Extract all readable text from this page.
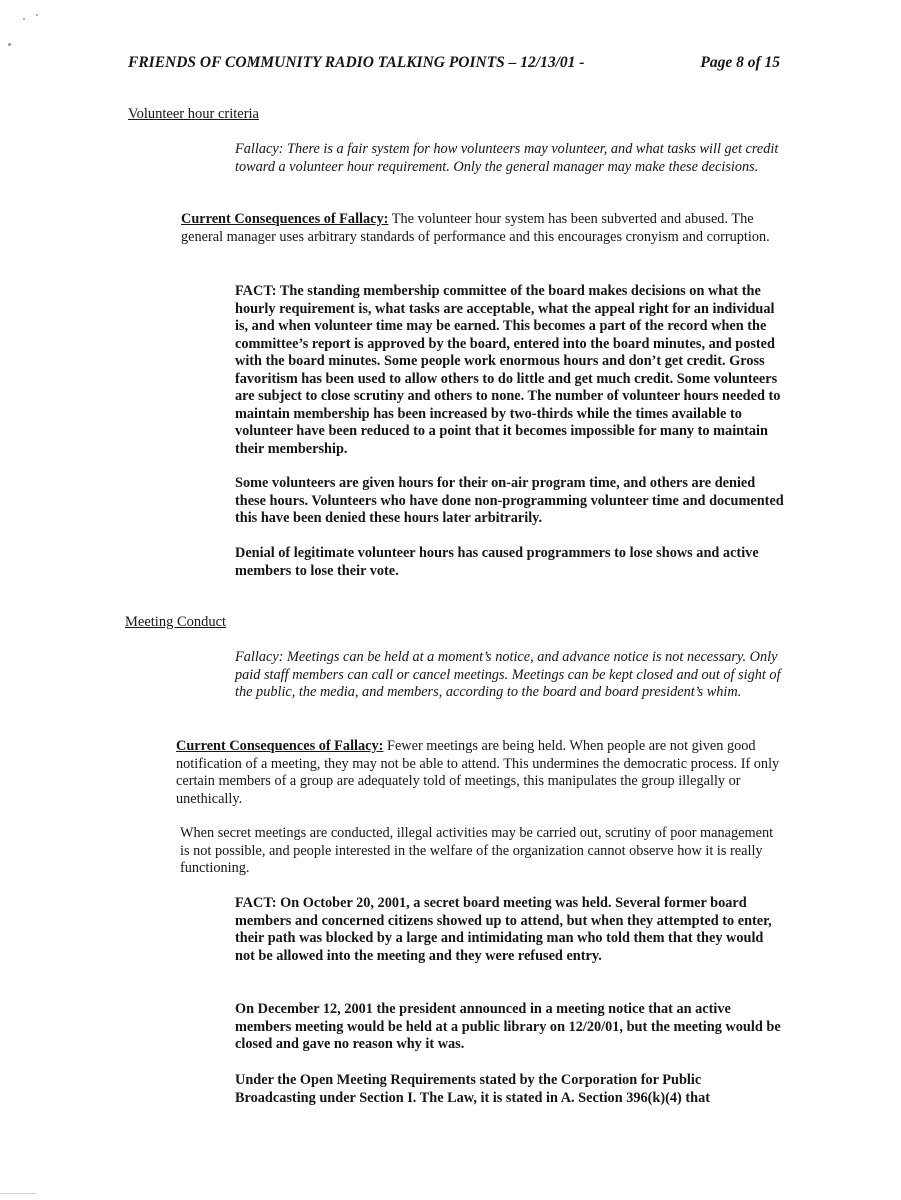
FRIENDS OF COMMUNITY RADIO TALKING POINTS – 12/13/01 -	Page 8 of 15
Volunteer hour criteria
Fallacy: There is a fair system for how volunteers may volunteer, and what tasks will get credit toward a volunteer hour requirement. Only the general manager may make these decisions.
Current Consequences of Fallacy: The volunteer hour system has been subverted and abused. The general manager uses arbitrary standards of performance and this encourages cronyism and corruption.
FACT: The standing membership committee of the board makes decisions on what the hourly requirement is, what tasks are acceptable, what the appeal right for an individual is, and when volunteer time may be earned. This becomes a part of the record when the committee’s report is approved by the board, entered into the board minutes, and posted with the board minutes. Some people work enormous hours and don’t get credit. Gross favoritism has been used to allow others to do little and get much credit. Some volunteers are subject to close scrutiny and others to none. The number of volunteer hours needed to maintain membership has been increased by two-thirds while the times available to volunteer have been reduced to a point that it becomes impossible for many to maintain their membership.
Some volunteers are given hours for their on-air program time, and others are denied these hours. Volunteers who have done non-programming volunteer time and documented this have been denied these hours later arbitrarily.
Denial of legitimate volunteer hours has caused programmers to lose shows and active members to lose their vote.
Meeting Conduct
Fallacy: Meetings can be held at a moment’s notice, and advance notice is not necessary. Only paid staff members can call or cancel meetings. Meetings can be kept closed and out of sight of the public, the media, and members, according to the board and board president’s whim.
Current Consequences of Fallacy: Fewer meetings are being held. When people are not given good notification of a meeting, they may not be able to attend. This undermines the democratic process. If only certain members of a group are adequately told of meetings, this manipulates the group illegally or unethically.
When secret meetings are conducted, illegal activities may be carried out, scrutiny of poor management is not possible, and people interested in the welfare of the organization cannot observe how it is really functioning.
FACT: On October 20, 2001, a secret board meeting was held. Several former board members and concerned citizens showed up to attend, but when they attempted to enter, their path was blocked by a large and intimidating man who told them that they would not be allowed into the meeting and they were refused entry.
On December 12, 2001 the president announced in a meeting notice that an active members meeting would be held at a public library on 12/20/01, but the meeting would be closed and gave no reason why it was.
Under the Open Meeting Requirements stated by the Corporation for Public Broadcasting under Section I. The Law, it is stated in A. Section 396(k)(4) that
